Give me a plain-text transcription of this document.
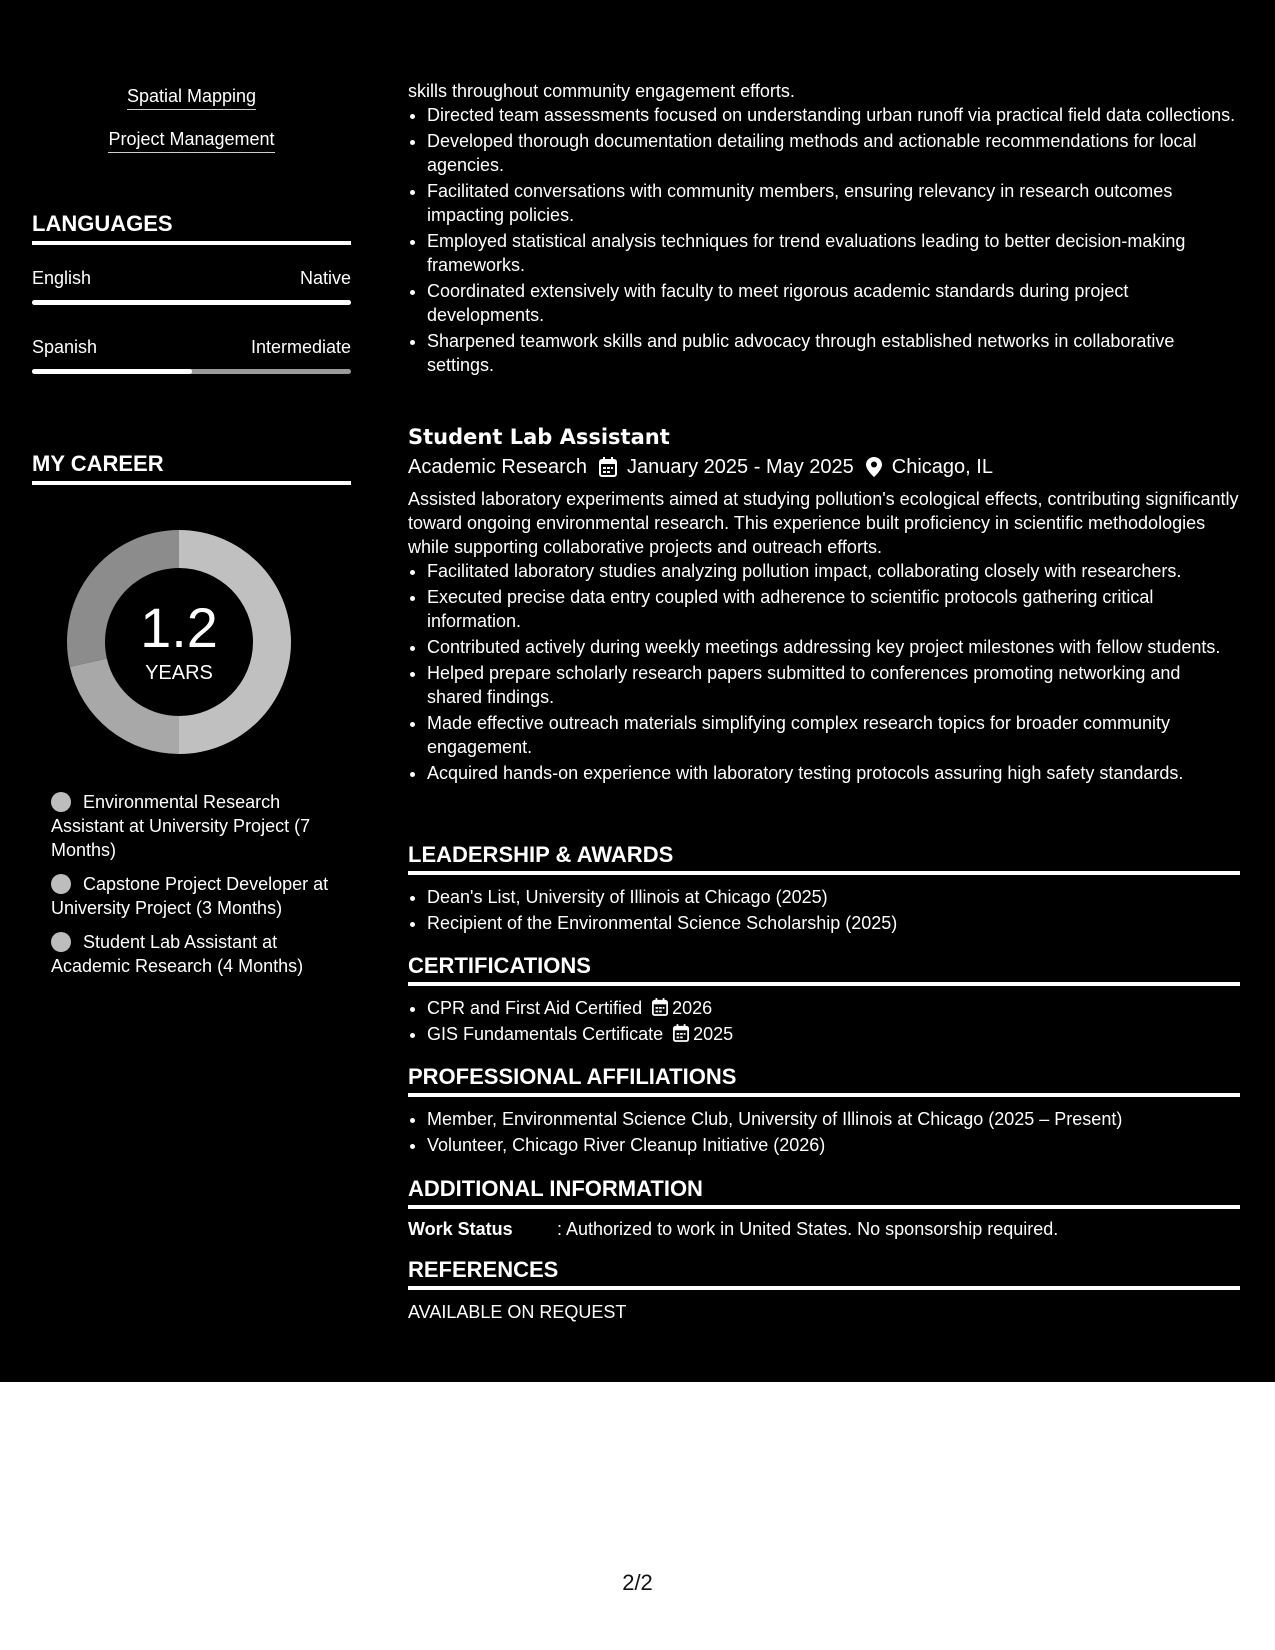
Spatial Mapping
Project Management
LANGUAGES
English	Native
Spanish	Intermediate
MY CAREER
1.2
YEARS
Environmental Research Assistant at University Project (7 Months)
Capstone Project Developer at University Project (3 Months)
Student Lab Assistant at Academic Research (4 Months)
skills throughout community engagement efforts.
• Directed team assessments focused on understanding urban runoff via practical field data collections.
• Developed thorough documentation detailing methods and actionable recommendations for local agencies.
• Facilitated conversations with community members, ensuring relevancy in research outcomes impacting policies.
• Employed statistical analysis techniques for trend evaluations leading to better decision-making frameworks.
• Coordinated extensively with faculty to meet rigorous academic standards during project developments.
• Sharpened teamwork skills and public advocacy through established networks in collaborative settings.
Student Lab Assistant
Academic Research January 2025 - May 2025 Chicago, IL
Assisted laboratory experiments aimed at studying pollution's ecological effects, contributing significantly toward ongoing environmental research. This experience built proficiency in scientific methodologies while supporting collaborative projects and outreach efforts.
• Facilitated laboratory studies analyzing pollution impact, collaborating closely with researchers.
• Executed precise data entry coupled with adherence to scientific protocols gathering critical information.
• Contributed actively during weekly meetings addressing key project milestones with fellow students.
• Helped prepare scholarly research papers submitted to conferences promoting networking and shared findings.
• Made effective outreach materials simplifying complex research topics for broader community engagement.
• Acquired hands-on experience with laboratory testing protocols assuring high safety standards.
LEADERSHIP & AWARDS
• Dean's List, University of Illinois at Chicago (2025)
• Recipient of the Environmental Science Scholarship (2025)
CERTIFICATIONS
• CPR and First Aid Certified 2026
• GIS Fundamentals Certificate 2025
PROFESSIONAL AFFILIATIONS
• Member, Environmental Science Club, University of Illinois at Chicago (2025 – Present)
• Volunteer, Chicago River Cleanup Initiative (2026)
ADDITIONAL INFORMATION
Work Status	: Authorized to work in United States. No sponsorship required.
REFERENCES
AVAILABLE ON REQUEST
2/2
